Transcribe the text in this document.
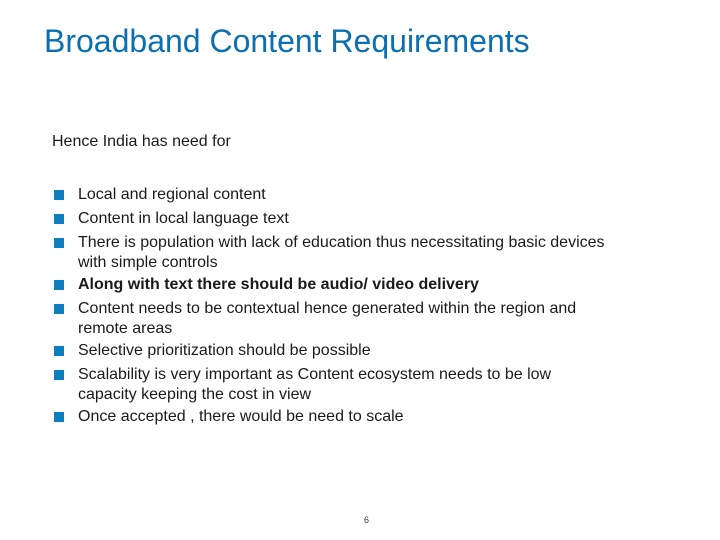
Broadband Content Requirements
Hence India has need for
Local and regional content
Content in local language text
There is population with lack of education thus necessitating basic devices
with simple controls
Along with text there should be audio/ video delivery
Content needs to be contextual hence generated within the region and
remote areas
Selective prioritization should be possible
Scalability is very important as Content ecosystem needs to be low
capacity keeping the cost in view
Once accepted , there would be need to scale
6
